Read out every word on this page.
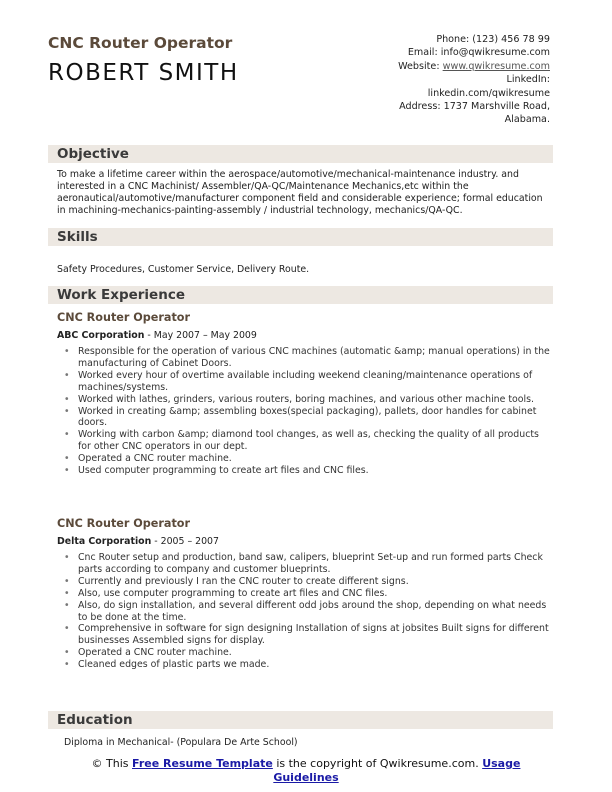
CNC Router Operator
ROBERT SMITH
Phone: (123) 456 78 99
Email: info@qwikresume.com
Website: www.qwikresume.com
LinkedIn:
linkedin.com/qwikresume
Address: 1737 Marshville Road,
Alabama.
Objective
To make a lifetime career within the aerospace/automotive/mechanical-maintenance industry. and interested in a CNC Machinist/ Assembler/QA-QC/Maintenance Mechanics,etc within the aeronautical/automotive/manufacturer component field and considerable experience; formal education in machining-mechanics-painting-assembly / industrial technology, mechanics/QA-QC.
Skills
Safety Procedures, Customer Service, Delivery Route.
Work Experience
CNC Router Operator
ABC Corporation - May 2007 – May 2009
• Responsible for the operation of various CNC machines (automatic &amp; manual operations) in the manufacturing of Cabinet Doors.
• Worked every hour of overtime available including weekend cleaning/maintenance operations of machines/systems.
• Worked with lathes, grinders, various routers, boring machines, and various other machine tools.
• Worked in creating &amp; assembling boxes(special packaging), pallets, door handles for cabinet doors.
• Working with carbon &amp; diamond tool changes, as well as, checking the quality of all products for other CNC operators in our dept.
• Operated a CNC router machine.
• Used computer programming to create art files and CNC files.
CNC Router Operator
Delta Corporation - 2005 – 2007
• Cnc Router setup and production, band saw, calipers, blueprint Set-up and run formed parts Check parts according to company and customer blueprints.
• Currently and previously I ran the CNC router to create different signs.
• Also, use computer programming to create art files and CNC files.
• Also, do sign installation, and several different odd jobs around the shop, depending on what needs to be done at the time.
• Comprehensive in software for sign designing Installation of signs at jobsites Built signs for different businesses Assembled signs for display.
• Operated a CNC router machine.
• Cleaned edges of plastic parts we made.
Education
Diploma in Mechanical- (Populara De Arte School)
© This Free Resume Template is the copyright of Qwikresume.com. Usage Guidelines
